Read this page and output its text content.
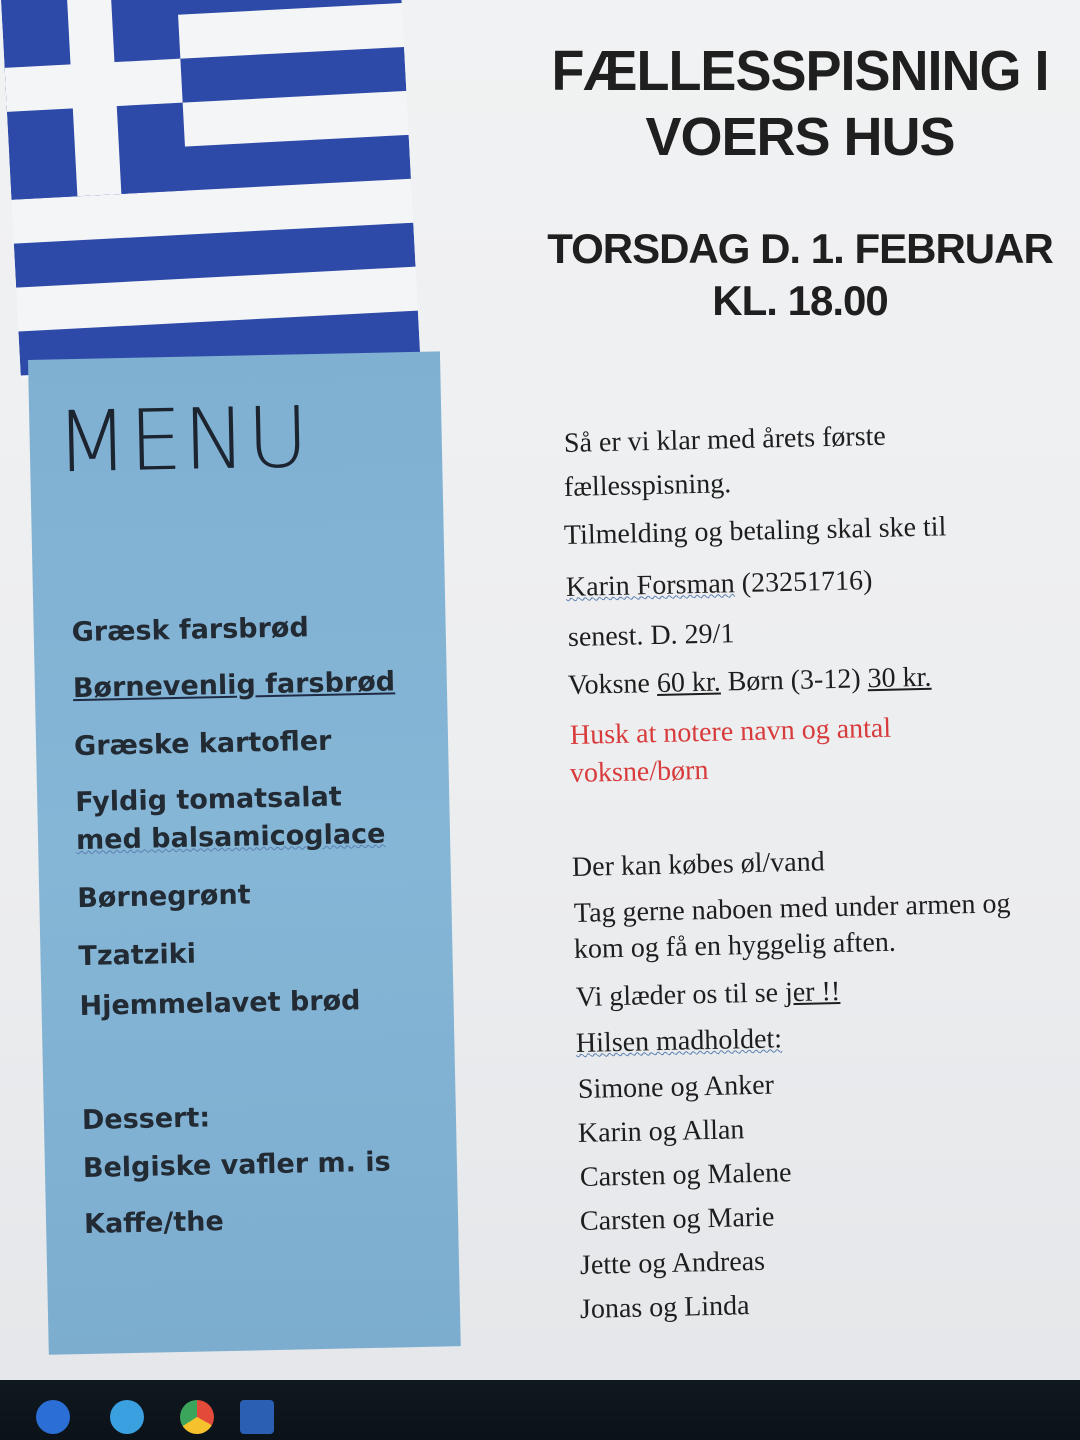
FÆLLESSPISNING I
VOERS HUS
TORSDAG D. 1. FEBRUAR
KL. 18.00
MENU
Græsk farsbrød
Børnevenlig farsbrød
Græske kartofler
Fyldig tomatsalat
med balsamicoglace
Børnegrønt
Tzatziki
Hjemmelavet brød
Dessert:
Belgiske vafler m. is
Kaffe/the
Så er vi klar med årets første
fællesspisning.
Tilmelding og betaling skal ske til
Karin Forsman (23251716)
senest. D. 29/1
Voksne 60 kr. Børn (3-12) 30 kr.
Husk at notere navn og antal
voksne/børn
Der kan købes øl/vand
Tag gerne naboen med under armen og
kom og få en hyggelig aften.
Vi glæder os til se jer !!
Hilsen madholdet:
Simone og Anker
Karin og Allan
Carsten og Malene
Carsten og Marie
Jette og Andreas
Jonas og Linda
